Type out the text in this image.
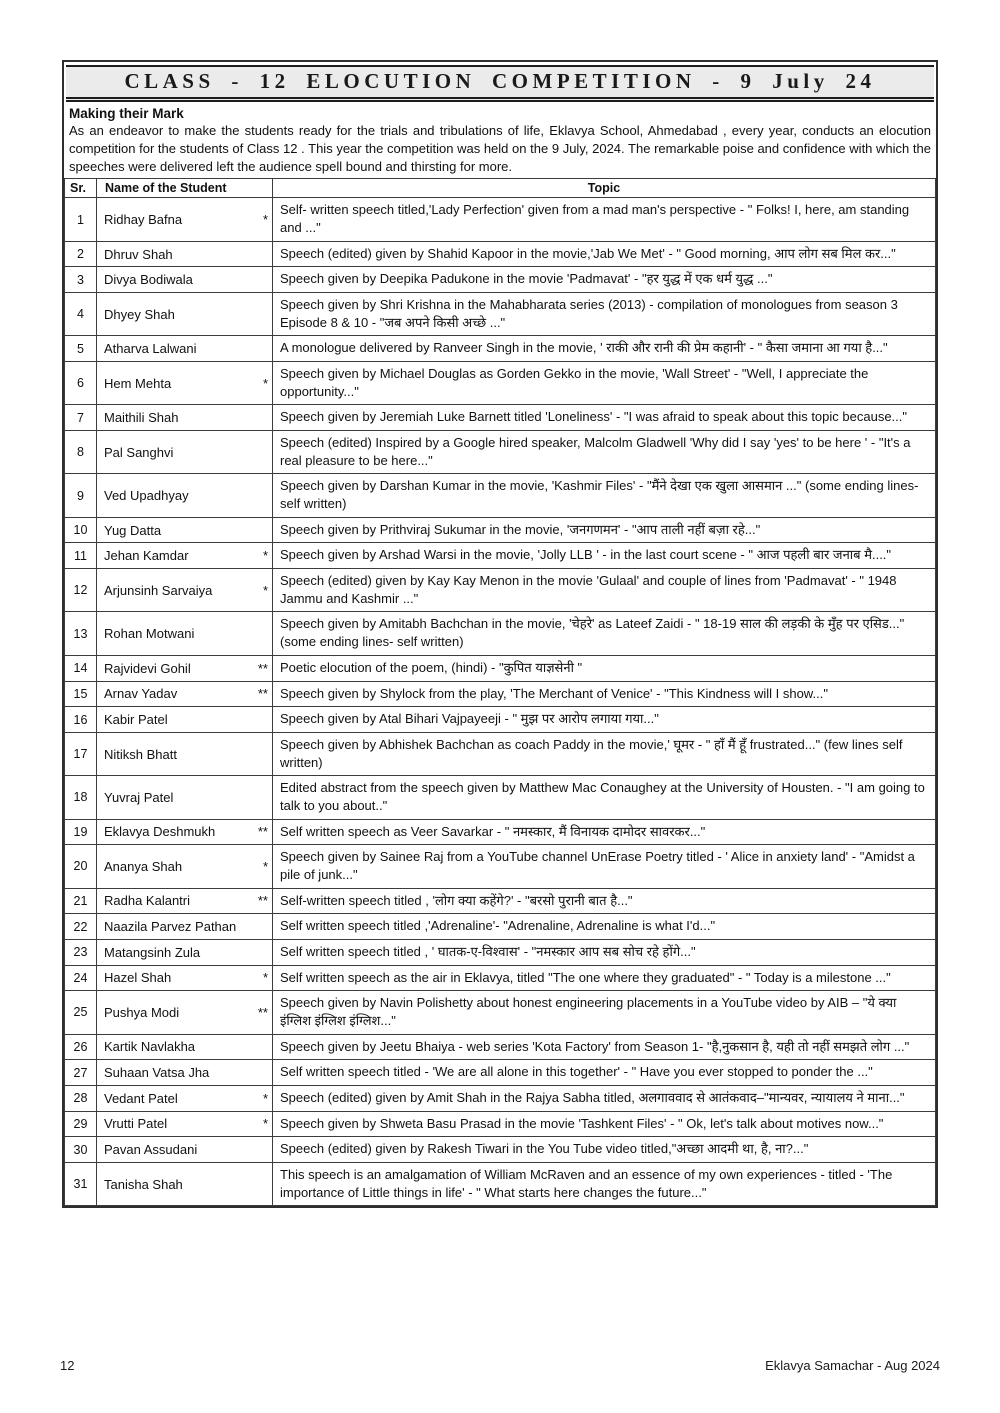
CLASS - 12 ELOCUTION COMPETITION - 9 July 24
Making their Mark

As an endeavor to make the students ready for the trials and tribulations of life, Eklavya School, Ahmedabad , every year, conducts an elocution competition for the students of Class 12 . This year the competition was held on the 9 July, 2024. The remarkable poise and confidence with which the speeches were delivered left the audience spell bound and thirsting for more.

Sr.	Name of the Student	Topic
1	Ridhay Bafna *	Self- written speech titled,'Lady Perfection' given from a mad man's perspective - " Folks! I, here, am standing and ..."
2	Dhruv Shah	Speech (edited) given by Shahid Kapoor in the movie,'Jab We Met' - " Good morning, आप लोग सब मिल कर..."
3	Divya Bodiwala	Speech given by Deepika Padukone in the movie 'Padmavat' - "हर युद्ध में एक धर्म युद्ध ..."
4	Dhyey Shah	Speech given by Shri Krishna in the Mahabharata series (2013) - compilation of monologues from season 3 Episode 8 & 10 - "जब अपने किसी अच्छे ..."
5	Atharva Lalwani	A monologue delivered by Ranveer Singh in the movie, ' राकी और रानी की प्रेम कहानी' - " कैसा जमाना आ गया है..."
6	Hem Mehta *	Speech given by Michael Douglas as Gorden Gekko in the movie, 'Wall Street' - "Well, I appreciate the opportunity..."
7	Maithili Shah	Speech given by Jeremiah Luke Barnett titled 'Loneliness' - "I was afraid to speak about this topic because..."
8	Pal Sanghvi	Speech (edited) Inspired by a Google hired speaker, Malcolm Gladwell 'Why did I say 'yes' to be here ' - "It's a real pleasure to be here..."
9	Ved Upadhyay	Speech given by Darshan Kumar in the movie, 'Kashmir Files' - "मैंने देखा एक खुला आसमान ..." (some ending lines- self written)
10	Yug Datta	Speech given by Prithviraj Sukumar in the movie, 'जनगणमन' - "आप ताली नहीं बज़ा रहे..."
11	Jehan Kamdar *	Speech given by Arshad Warsi in the movie, 'Jolly LLB ' - in the last court scene - " आज पहली बार जनाब मै...."
12	Arjunsinh Sarvaiya *	Speech (edited) given by Kay Kay Menon in the movie 'Gulaal' and couple of lines from 'Padmavat' - " 1948 Jammu and Kashmir ..."
13	Rohan Motwani	Speech given by Amitabh Bachchan in the movie, 'चेहरे' as Lateef Zaidi - " 18-19 साल की लड़की के मुँह पर एसिड..." (some ending lines- self written)
14	Rajvidevi Gohil **	Poetic elocution of the poem, (hindi) - "कुपित याज्ञसेनी "
15	Arnav Yadav **	Speech given by Shylock from the play, 'The Merchant of Venice' - "This Kindness will I show..."
16	Kabir Patel	Speech given by Atal Bihari Vajpayeeji - " मुझ पर आरोप लगाया गया..."
17	Nitiksh Bhatt	Speech given by Abhishek Bachchan as coach Paddy in the movie,' घूमर - " हाँ मैं हूँ frustrated..." (few lines self written)
18	Yuvraj Patel	Edited abstract from the speech given by Matthew Mac Conaughey at the University of Housten. - "I am going to talk to you about.."
19	Eklavya Deshmukh **	Self written speech as Veer Savarkar - " नमस्कार, मैं विनायक दामोदर सावरकर..."
20	Ananya Shah *	Speech given by Sainee Raj from a YouTube channel UnErase Poetry titled - ' Alice in anxiety land' - "Amidst a pile of junk..."
21	Radha Kalantri **	Self-written speech titled , 'लोग क्या कहेंगे?' - "बरसो पुरानी बात है..."
22	Naazila Parvez Pathan	Self written speech titled ,'Adrenaline'- "Adrenaline, Adrenaline is what I'd..."
23	Matangsinh Zula	Self written speech titled , ' घातक-ए-विश्वास' - "नमस्कार आप सब सोच रहे होंगे..."
24	Hazel Shah *	Self written speech as the air in Eklavya, titled "The one where they graduated" - " Today is a milestone ..."
25	Pushya Modi **	Speech given by Navin Polishetty about honest engineering placements in a YouTube video by AIB – "ये क्या इंग्लिश इंग्लिश इंग्लिश..."
26	Kartik Navlakha	Speech given by Jeetu Bhaiya - web series 'Kota Factory' from Season 1- "है,नुकसान है, यही तो नहीं समझते लोग ..."
27	Suhaan Vatsa Jha	Self written speech titled - 'We are all alone in this together' - " Have you ever stopped to ponder the ..."
28	Vedant Patel *	Speech (edited) given by Amit Shah in the Rajya Sabha titled, अलगाववाद से आतंकवाद–"मान्यवर, न्यायालय ने माना..."
29	Vrutti Patel *	Speech given by Shweta Basu Prasad in the movie 'Tashkent Files' - " Ok, let's talk about motives now..."
30	Pavan Assudani	Speech (edited) given by Rakesh Tiwari in the You Tube video titled,"अच्छा आदमी था, है, ना?..."
31	Tanisha Shah	This speech is an amalgamation of William McRaven and an essence of my own experiences - titled - 'The importance of Little things in life' - " What starts here changes the future..."
12	Eklavya Samachar - Aug 2024
